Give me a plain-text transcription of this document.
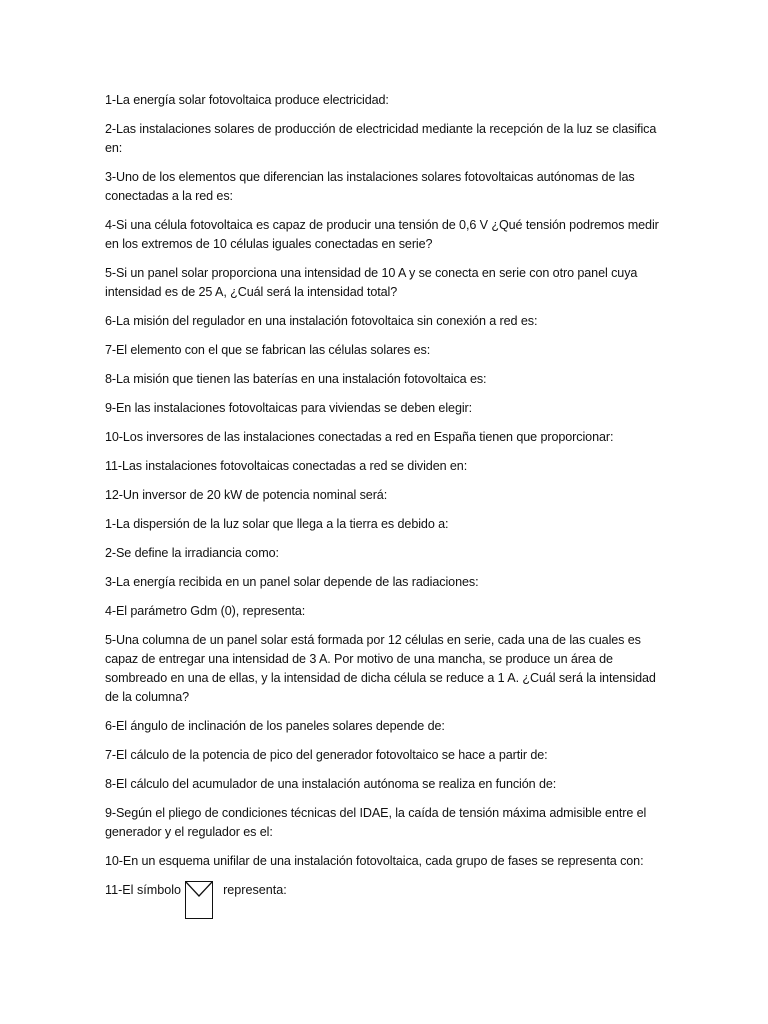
1-La energía solar fotovoltaica produce electricidad:

2-Las instalaciones solares de producción de electricidad mediante la recepción de la luz se clasifica en:

3-Uno de los elementos que diferencian las instalaciones solares fotovoltaicas autónomas de las conectadas a la red es:

4-Si una célula fotovoltaica es capaz de producir una tensión de 0,6 V ¿Qué tensión podremos medir en los extremos de 10 células iguales conectadas en serie?

5-Si un panel solar proporciona una intensidad de 10 A y se conecta en serie con otro panel cuya intensidad es de 25 A, ¿Cuál será la intensidad total?

6-La misión del regulador en una instalación fotovoltaica sin conexión a red es:

7-El elemento con el que se fabrican las células solares es:

8-La misión que tienen las baterías en una instalación fotovoltaica es:

9-En las instalaciones fotovoltaicas para viviendas se deben elegir:

10-Los inversores de las instalaciones conectadas a red en España tienen que proporcionar:

11-Las instalaciones fotovoltaicas conectadas a red se dividen en:

12-Un inversor de 20 kW de potencia nominal será:

1-La dispersión de la luz solar que llega a la tierra es debido a:

2-Se define la irradiancia como:

3-La energía recibida en un panel solar depende de las radiaciones:

4-El parámetro Gdm (0), representa:

5-Una columna de un panel solar está formada por 12 células en serie, cada una de las cuales es capaz de entregar una intensidad de 3 A. Por motivo de una mancha, se produce un área de sombreado en una de ellas, y la intensidad de dicha célula se reduce a 1 A. ¿Cuál será la intensidad de la columna?

6-El ángulo de inclinación de los paneles solares depende de:

7-El cálculo de la potencia de pico del generador fotovoltaico se hace a partir de:

8-El cálculo del acumulador de una instalación autónoma se realiza en función de:

9-Según el pliego de condiciones técnicas del IDAE, la caída de tensión máxima admisible entre el generador y el regulador es el:

10-En un esquema unifilar de una instalación fotovoltaica, cada grupo de fases se representa con:

11-El símbolo	representa:
